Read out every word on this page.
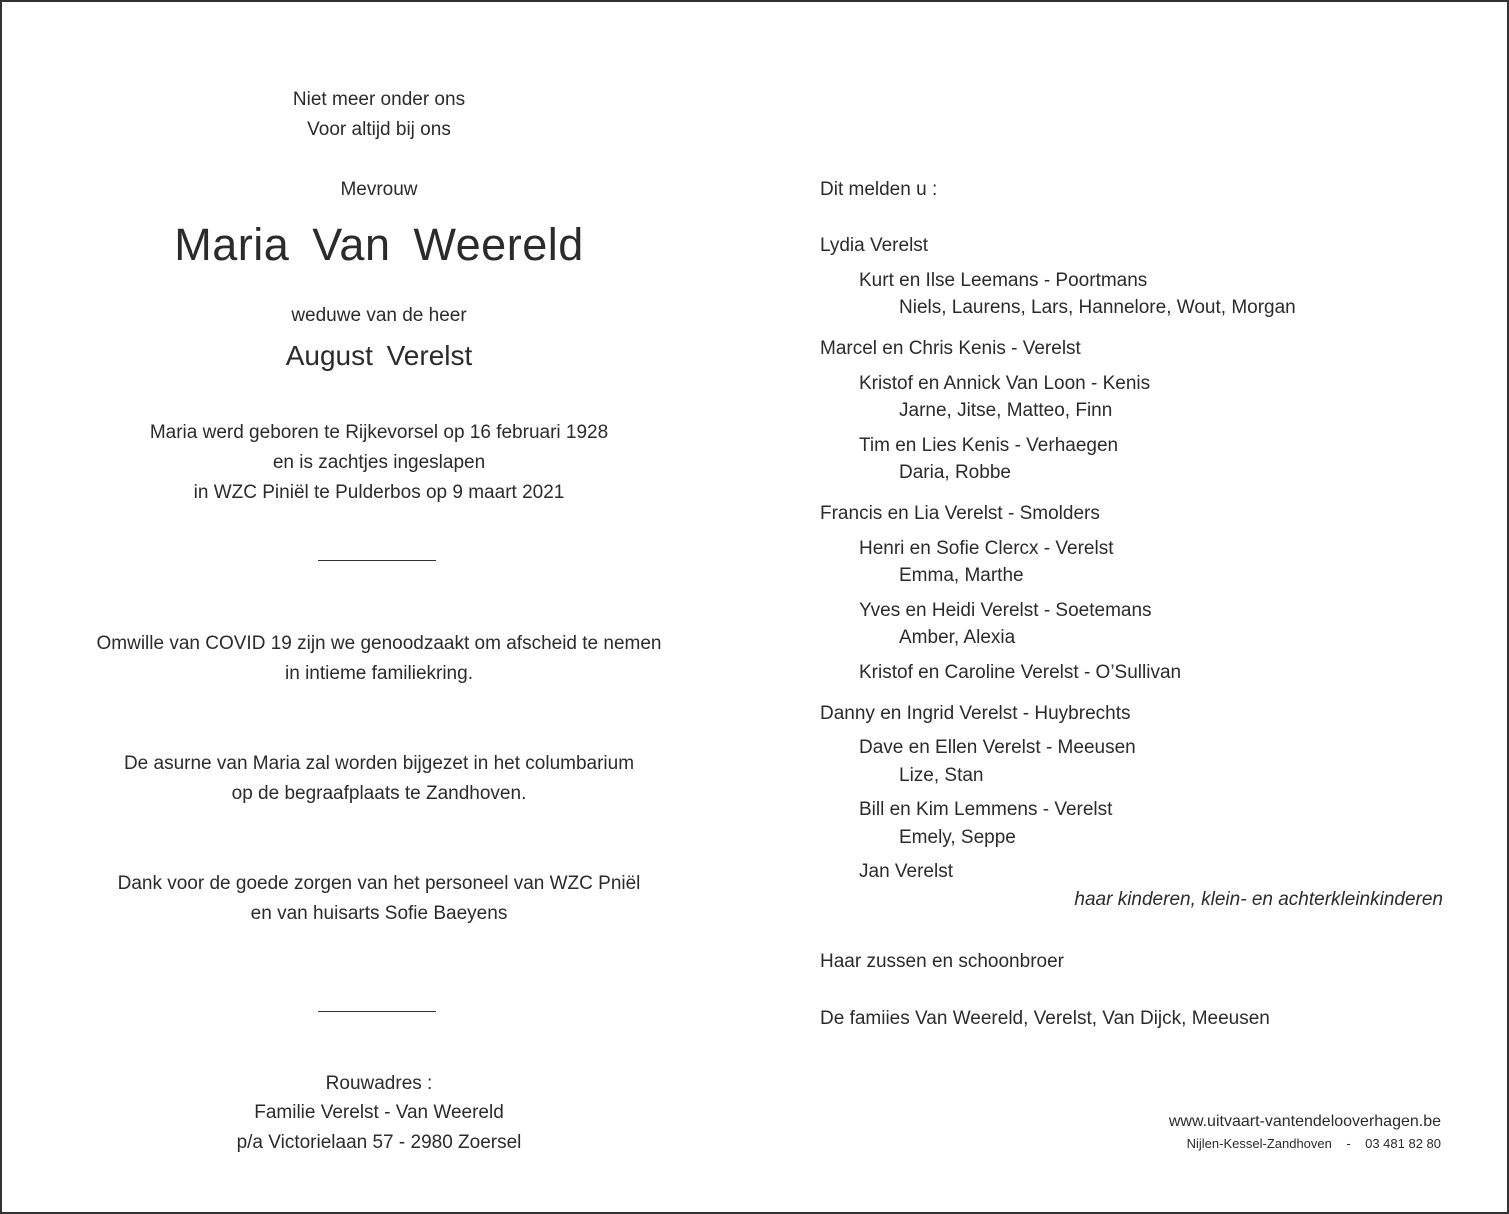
Niet meer onder ons
Voor altijd bij ons
Mevrouw
Maria Van Weereld
weduwe van de heer
August Verelst
Maria werd geboren te Rijkevorsel op 16 februari 1928
en is zachtjes ingeslapen
in WZC Piniël te Pulderbos op 9 maart 2021
Omwille van COVID 19 zijn we genoodzaakt om afscheid te nemen
in intieme familiekring.
De asurne van Maria zal worden bijgezet in het columbarium
op de begraafplaats te Zandhoven.
Dank voor de goede zorgen van het personeel van WZC Pniël
en van huisarts Sofie Baeyens
Rouwadres :
Familie Verelst - Van Weereld
p/a Victorielaan 57 - 2980 Zoersel
Dit melden u :
Lydia Verelst
Kurt en Ilse Leemans - Poortmans
Niels, Laurens, Lars, Hannelore, Wout, Morgan
Marcel en Chris Kenis - Verelst
Kristof en Annick Van Loon - Kenis
Jarne, Jitse, Matteo, Finn
Tim en Lies Kenis - Verhaegen
Daria, Robbe
Francis en Lia Verelst - Smolders
Henri en Sofie Clercx - Verelst
Emma, Marthe
Yves en Heidi Verelst - Soetemans
Amber, Alexia
Kristof en Caroline Verelst - O’Sullivan
Danny en Ingrid Verelst - Huybrechts
Dave en Ellen Verelst - Meeusen
Lize, Stan
Bill en Kim Lemmens - Verelst
Emely, Seppe
Jan Verelst
haar kinderen, klein- en achterkleinkinderen
Haar zussen en schoonbroer
De famiies Van Weereld, Verelst, Van Dijck, Meeusen
www.uitvaart-vantendelooverhagen.be
Nijlen-Kessel-Zandhoven    -    03 481 82 80
